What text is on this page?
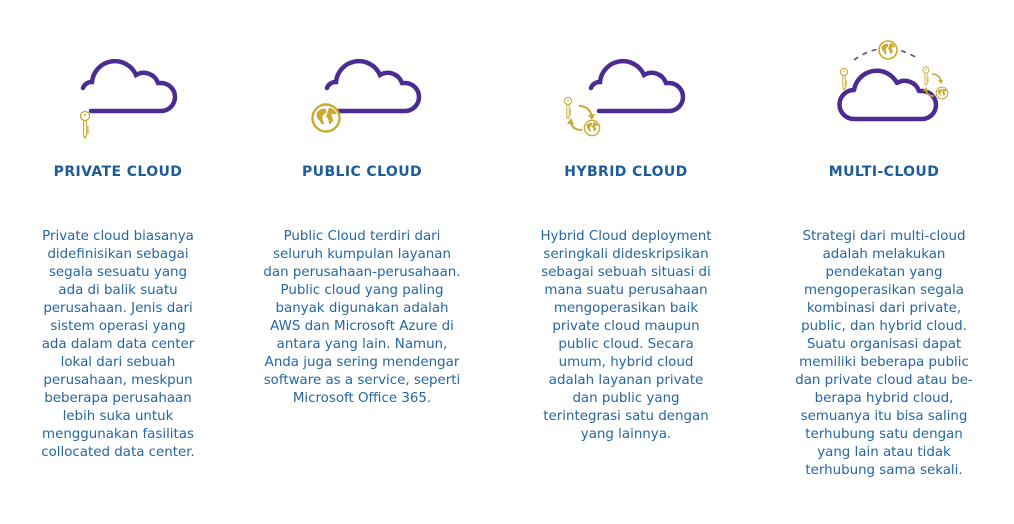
PRIVATE CLOUD
Private cloud biasanya
didefinisikan sebagai
segala sesuatu yang
ada di balik suatu
perusahaan. Jenis dari
sistem operasi yang
ada dalam data center
lokal dari sebuah
perusahaan, meskpun
beberapa perusahaan
lebih suka untuk
menggunakan fasilitas
collocated data center.
PUBLIC CLOUD
Public Cloud terdiri dari
seluruh kumpulan layanan
dan perusahaan-perusahaan.
Public cloud yang paling
banyak digunakan adalah
AWS dan Microsoft Azure di
antara yang lain. Namun,
Anda juga sering mendengar
software as a service, seperti
Microsoft Office 365.
HYBRID CLOUD
Hybrid Cloud deployment
seringkali dideskripsikan
sebagai sebuah situasi di
mana suatu perusahaan
mengoperasikan baik
private cloud maupun
public cloud. Secara
umum, hybrid cloud
adalah layanan private
dan public yang
terintegrasi satu dengan
yang lainnya.
MULTI-CLOUD
Strategi dari multi-cloud
adalah melakukan
pendekatan yang
mengoperasikan segala
kombinasi dari private,
public, dan hybrid cloud.
Suatu organisasi dapat
memiliki beberapa public
dan private cloud atau be-
berapa hybrid cloud,
semuanya itu bisa saling
terhubung satu dengan
yang lain atau tidak
terhubung sama sekali.
